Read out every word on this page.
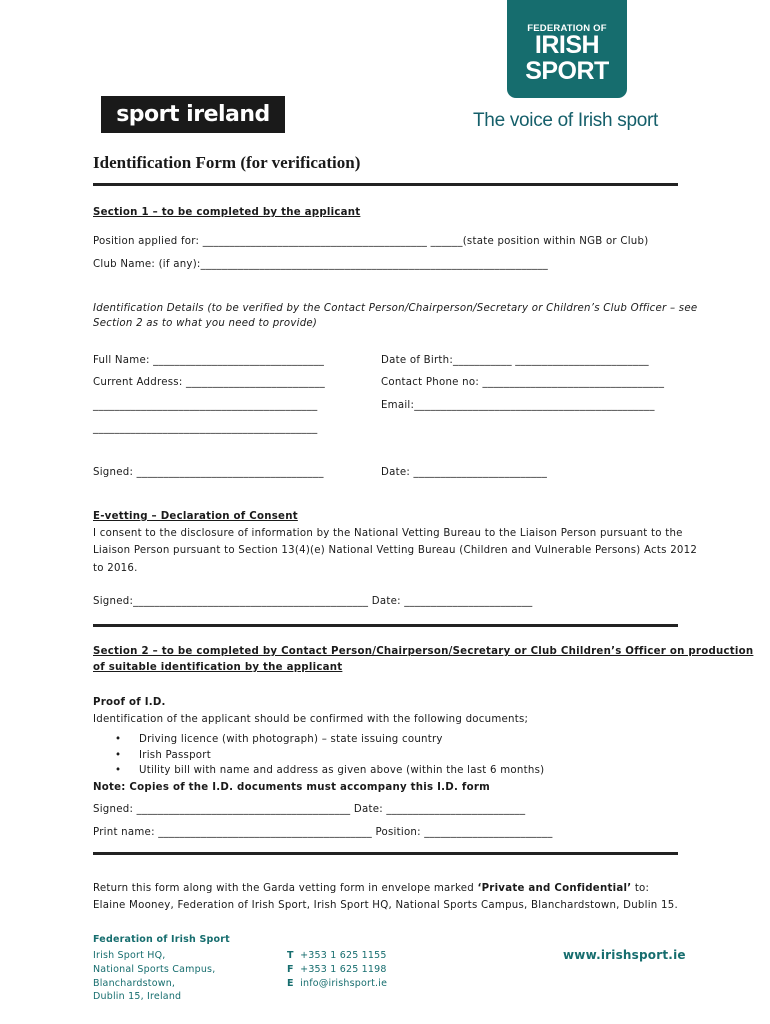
sport ireland
FEDERATION OF
IRISH
SPORT
The voice of Irish sport
Identification Form (for verification)
Section 1 – to be completed by the applicant
Position applied for: __________________________________________ ______(state position within NGB or Club)
Club Name: (if any):_________________________________________________________________
Identification Details (to be verified by the Contact Person/Chairperson/Secretary or Children’s Club Officer – see
Section 2 as to what you need to provide)
Full Name: ________________________________	Date of Birth:___________ _________________________
Current Address: __________________________	Contact Phone no: __________________________________
__________________________________________	Email:_____________________________________________
__________________________________________
Signed: ___________________________________	Date: _________________________
E-vetting – Declaration of Consent
I consent to the disclosure of information by the National Vetting Bureau to the Liaison Person pursuant to the
Liaison Person pursuant to Section 13(4)(e) National Vetting Bureau (Children and Vulnerable Persons) Acts 2012
to 2016.
Signed:____________________________________________ Date: ________________________
Section 2 – to be completed by Contact Person/Chairperson/Secretary or Club Children’s Officer on production
of suitable identification by the applicant
Proof of I.D.
Identification of the applicant should be confirmed with the following documents;
• Driving licence (with photograph) – state issuing country
• Irish Passport
• Utility bill with name and address as given above (within the last 6 months)
Note: Copies of the I.D. documents must accompany this I.D. form
Signed: ________________________________________ Date: __________________________
Print name: ________________________________________ Position: ________________________
Return this form along with the Garda vetting form in envelope marked ‘Private and Confidential’ to:
Elaine Mooney, Federation of Irish Sport, Irish Sport HQ, National Sports Campus, Blanchardstown, Dublin 15.
Federation of Irish Sport
Irish Sport HQ,
National Sports Campus,
Blanchardstown,
Dublin 15, Ireland
T +353 1 625 1155
F +353 1 625 1198
E info@irishsport.ie
www.irishsport.ie
